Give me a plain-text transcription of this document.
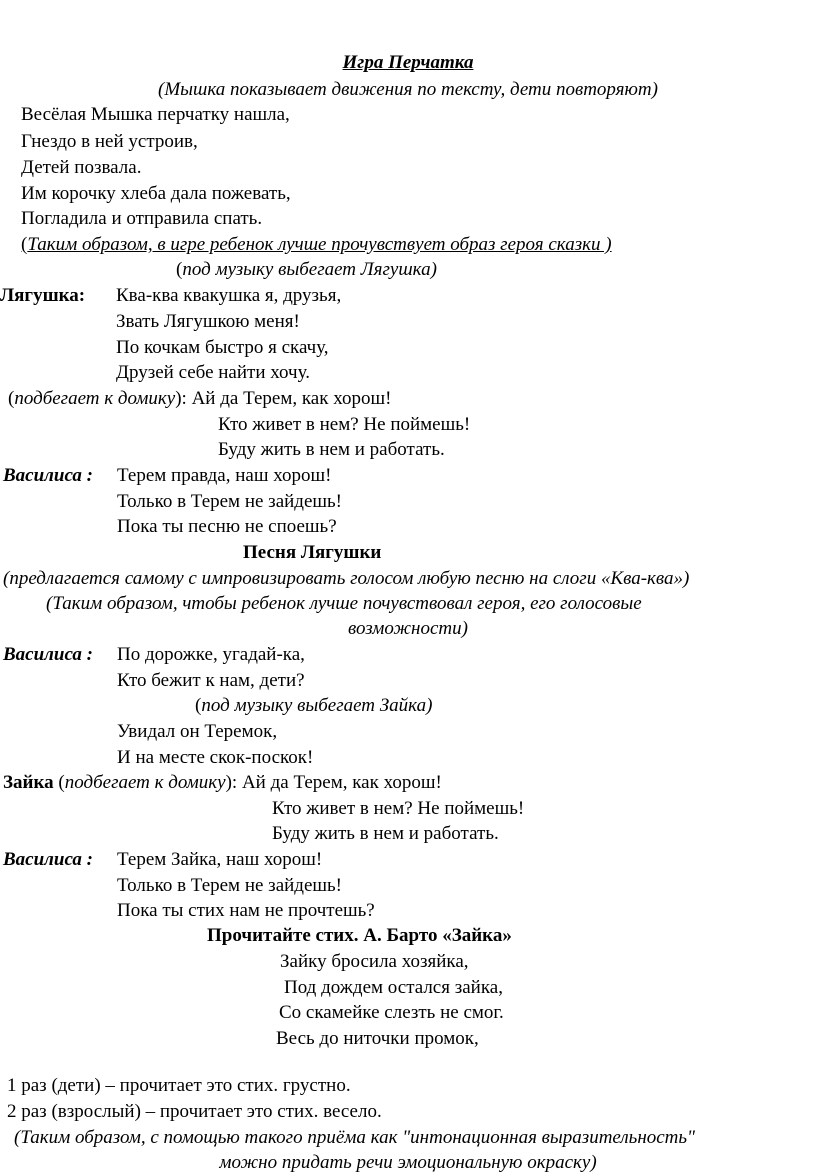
Игра Перчатка
(Мышка показывает движения по тексту, дети повторяют)
Весёлая Мышка перчатку нашла,
Гнездо в ней устроив,
Детей позвала.
Им корочку хлеба дала пожевать,
Погладила и отправила спать.
(Таким образом, в игре ребенок лучше прочувствует образ героя сказки )
(под музыку выбегает Лягушка)
Лягушка: Ква-ква квакушка я, друзья,
Звать Лягушкою меня!
По кочкам быстро я скачу,
Друзей себе найти хочу.
(подбегает к домику): Ай да Терем, как хорош!
Кто живет в нем? Не поймешь!
Буду жить в нем и работать.
Василиса : Терем правда, наш хорош!
Только в Терем не зайдешь!
Пока ты песню не споешь?
Песня Лягушки
(предлагается самому с импровизировать голосом любую песню на слоги «Ква-ква»)
(Таким образом, чтобы ребенок лучше почувствовал героя, его голосовые
возможности)
Василиса : По дорожке, угадай-ка,
Кто бежит к нам, дети?
(под музыку выбегает Зайка)
Увидал он Теремок,
И на месте скок-поскок!
Зайка (подбегает к домику): Ай да Терем, как хорош!
Кто живет в нем? Не поймешь!
Буду жить в нем и работать.
Василиса : Терем Зайка, наш хорош!
Только в Терем не зайдешь!
Пока ты стих нам не прочтешь?
Прочитайте стих. А. Барто «Зайка»
Зайку бросила хозяйка,
Под дождем остался зайка,
Со скамейке слезть не смог.
Весь до ниточки промок,
1 раз (дети) – прочитает это стих. грустно.
2 раз (взрослый) – прочитает это стих. весело.
(Таким образом, с помощью такого приёма как "интонационная выразительность"
можно придать речи эмоциональную окраску)
